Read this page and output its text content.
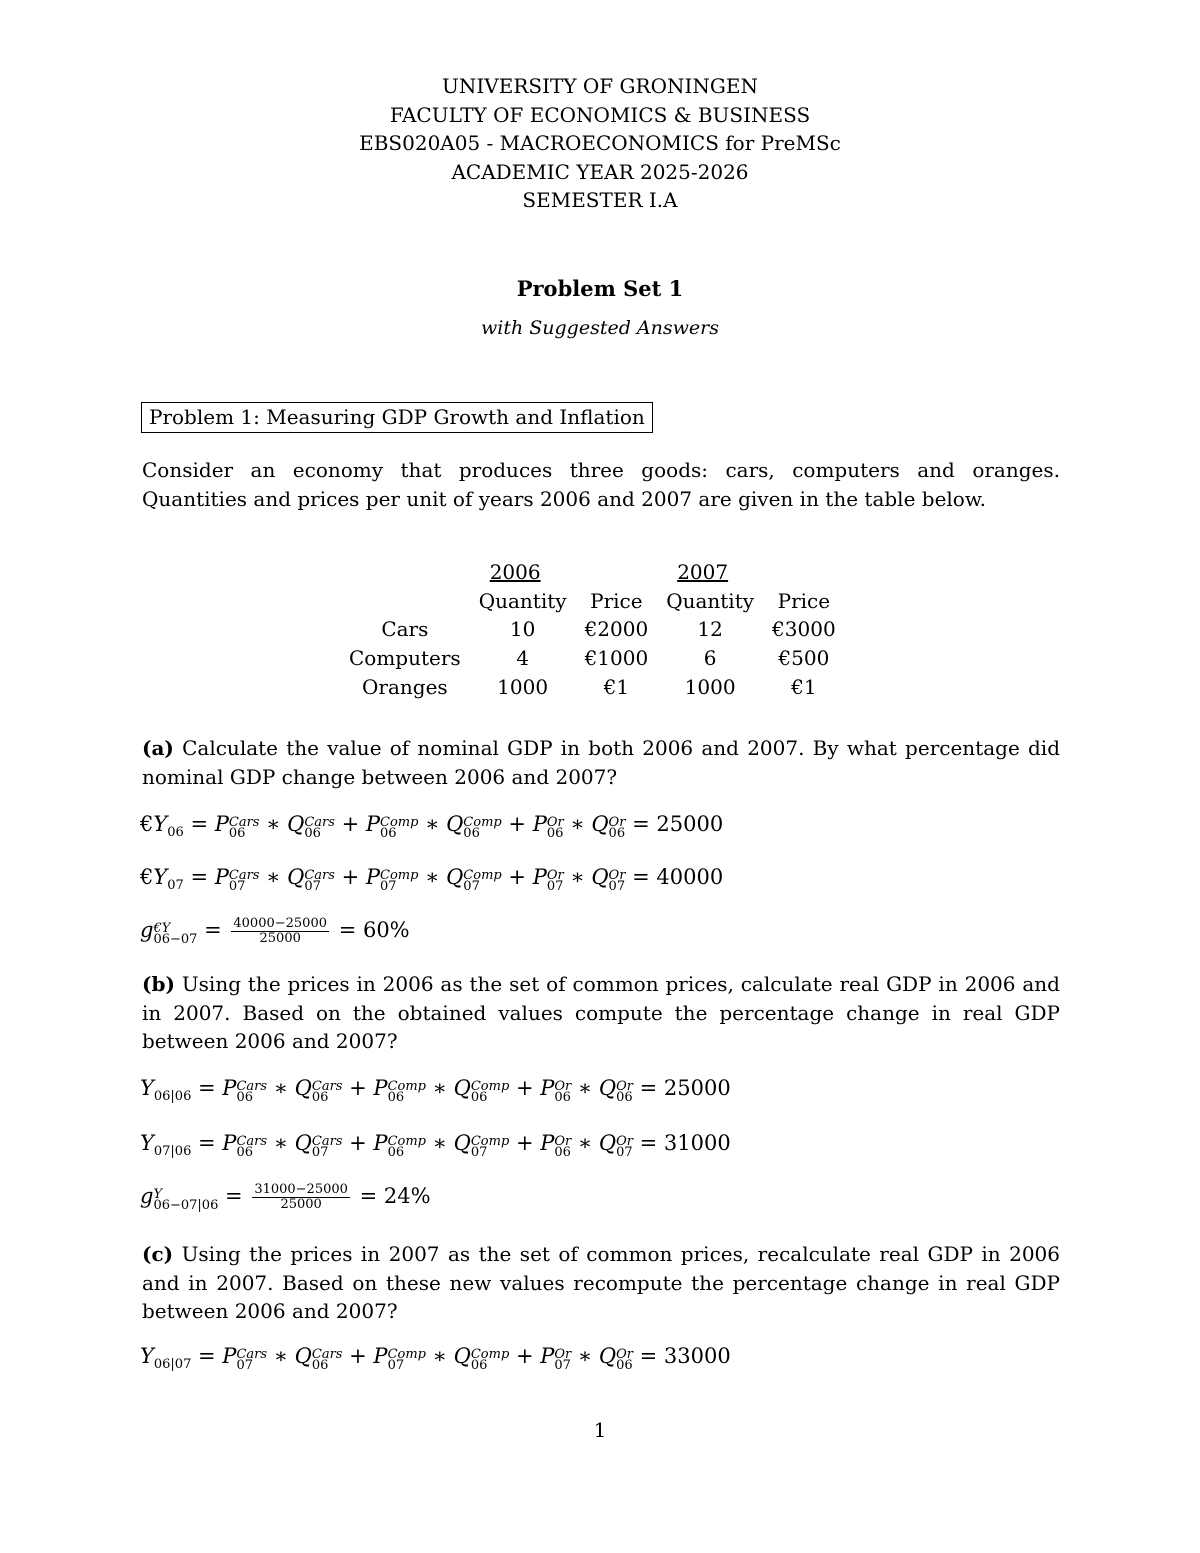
UNIVERSITY OF GRONINGEN
FACULTY OF ECONOMICS & BUSINESS
EBS020A05 - MACROECONOMICS for PreMSc
ACADEMIC YEAR 2025-2026
SEMESTER I.A
Problem Set 1
with Suggested Answers
Problem 1: Measuring GDP Growth and Inflation
Consider an economy that produces three goods: cars, computers and oranges. Quantities and prices per unit of years 2006 and 2007 are given in the table below.
	2006		2007	
	Quantity	Price	Quantity	Price
Cars	10	€2000	12	€3000
Computers	4	€1000	6	€500
Oranges	1000	€1	1000	€1
(a) Calculate the value of nominal GDP in both 2006 and 2007. By what percentage did nominal GDP change between 2006 and 2007?
$€Y_{06} = P$ Cars
06 ∗ Q Cars
06 + P Comp
06	∗ Q Comp
06	+ P Or
06 ∗ Q Or
06 = 25000
$€Y_{07} = P$ Cars
07 ∗ Q Cars
07 + P Comp
07	∗ Q Comp
07	+ P Or
07 ∗ Q Or
07 = 40000
g €Y
$06-07 = \frac{40000-25000}{25000} = 60\%$
(b) Using the prices in 2006 as the set of common prices, calculate real GDP in 2006 and in 2007. Based on the obtained values compute the percentage change in real GDP between 2006 and 2007?
$Y_{06|06} = P$ Cars
06 ∗ Q Cars
06 + P Comp
06	∗ Q Comp
06	+ P Or
06 ∗ Q Or
06 = 25000
$Y_{07|06} = P$ Cars
06 ∗ Q Cars
07 + P Comp
06	∗ Q Comp
07	+ P Or
06 ∗ Q Or
07 = 31000
g Y
$06-07|06 = \frac{31000-25000}{25000} = 24\%$
(c) Using the prices in 2007 as the set of common prices, recalculate real GDP in 2006 and in 2007. Based on these new values recompute the percentage change in real GDP between 2006 and 2007?
$Y_{06|07} = P$ Cars
07 ∗ Q Cars
06 + P Comp
07	∗ Q Comp
06	+ P Or
07 ∗ Q Or
06 = 33000
1
